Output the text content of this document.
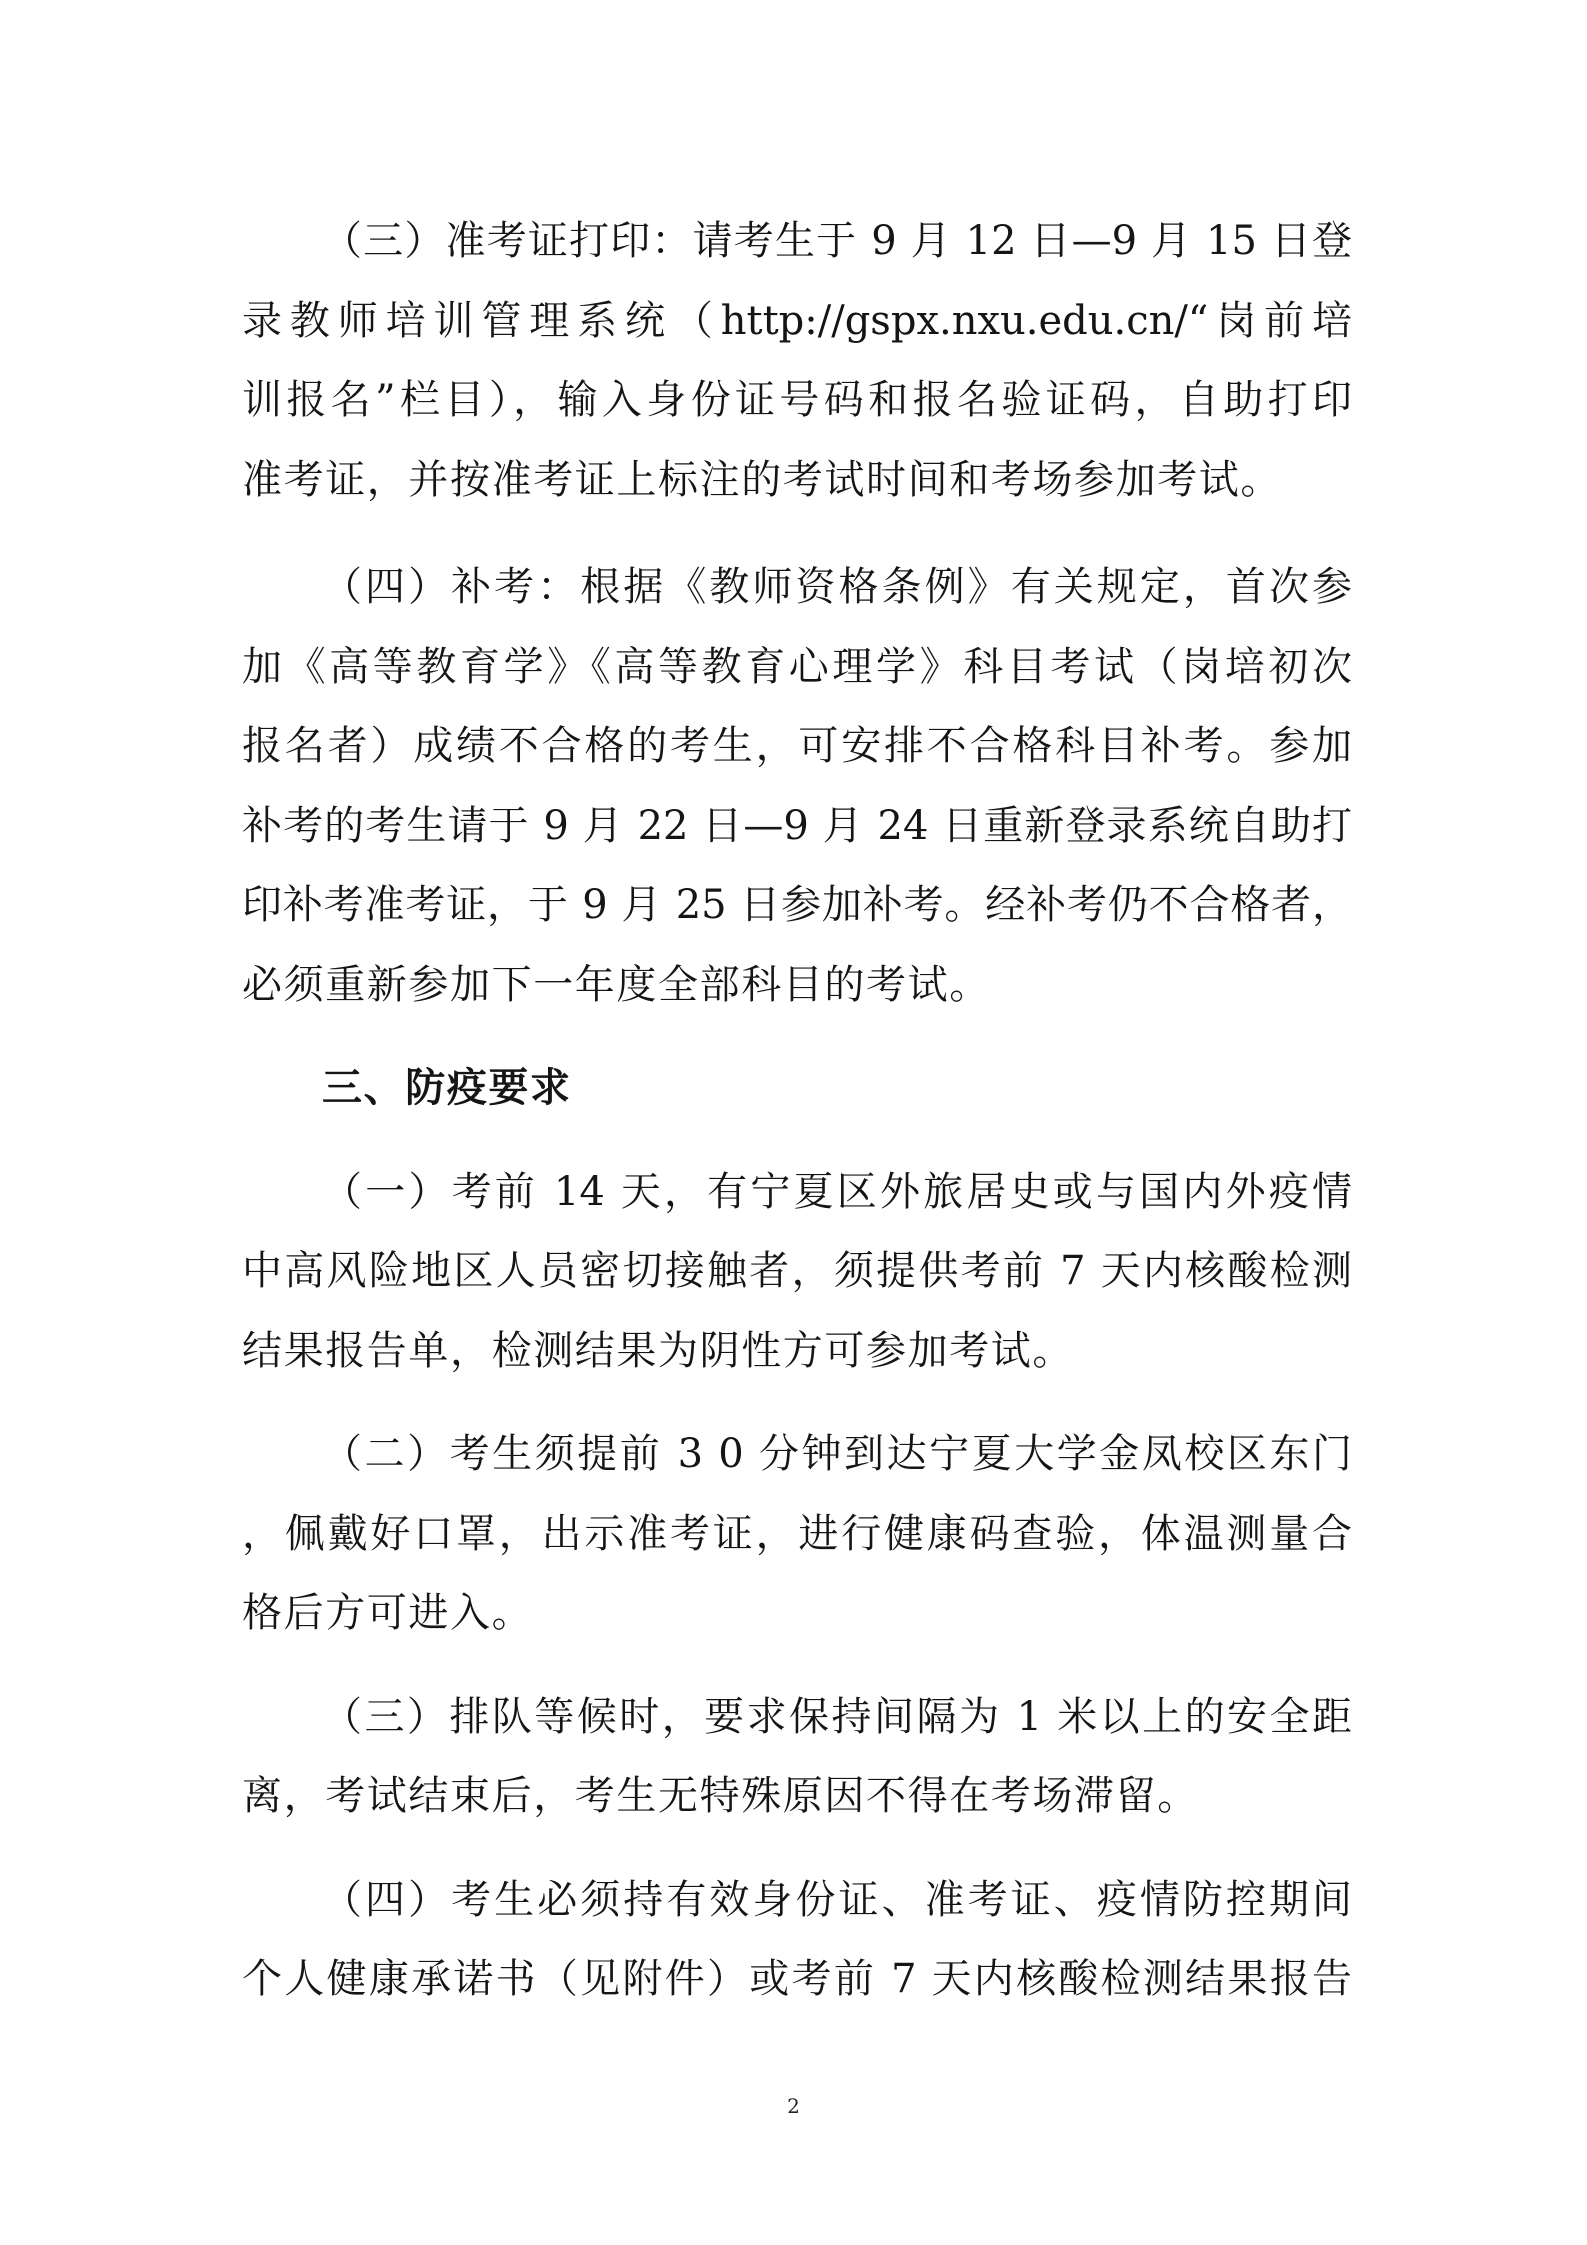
（三）准考证打印：请考生于 9 月 12 日—9 月 15 日登
录教师培训管理系统（http://gspx.nxu.edu.cn/“岗前培
训报名”栏目），输入身份证号码和报名验证码，自助打印
准考证，并按准考证上标注的考试时间和考场参加考试。
（四）补考：根据《教师资格条例》有关规定，首次参
加《高等教育学》《高等教育心理学》科目考试（岗培初次
报名者）成绩不合格的考生，可安排不合格科目补考。参加
补考的考生请于 9 月 22 日—9 月 24 日重新登录系统自助打
印补考准考证，于 9 月 25 日参加补考。经补考仍不合格者，
必须重新参加下一年度全部科目的考试。
三、防疫要求
（一）考前 14 天，有宁夏区外旅居史或与国内外疫情
中高风险地区人员密切接触者，须提供考前 7 天内核酸检测
结果报告单，检测结果为阴性方可参加考试。
（二）考生须提前 3 0 分钟到达宁夏大学金凤校区东门
，佩戴好口罩，出示准考证，进行健康码查验，体温测量合
格后方可进入。
（三）排队等候时，要求保持间隔为 1 米以上的安全距
离，考试结束后，考生无特殊原因不得在考场滞留。
（四）考生必须持有效身份证、准考证、疫情防控期间
个人健康承诺书（见附件）或考前 7 天内核酸检测结果报告
2
